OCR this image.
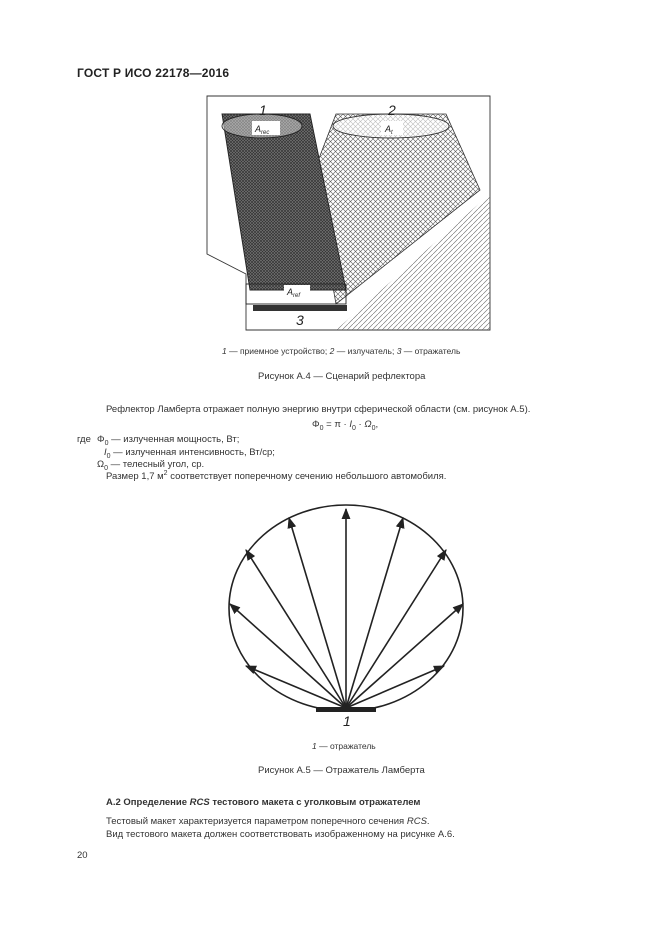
ГОСТ Р ИСО 22178—2016
1	2
3
$A_{rec}$	$A_t$
$A_{ref}$
1 — приемное устройство; 2 — излучатель; 3 — отражатель
Рисунок А.4 — Сценарий рефлектора
Рефлектор Ламберта отражает полную энергию внутри сферической области (см. рисунок А.5).
$\Phi_0 = \pi \cdot I_0 \cdot \Omega_0$,
где $\Phi_0$ — излученная мощность, Вт;
$I_0$ — излученная интенсивность, Вт/ср;
$\Omega_0$ — телесный угол, ср.
Размер 1,7 $м^2$ соответствует поперечному сечению небольшого автомобиля.
1
1 — отражатель
Рисунок А.5 — Отражатель Ламберта
А.2 Определение RCS тестового макета с уголковым отражателем
Тестовый макет характеризуется параметром поперечного сечения RCS.
Вид тестового макета должен соответствовать изображенному на рисунке А.6.
20
